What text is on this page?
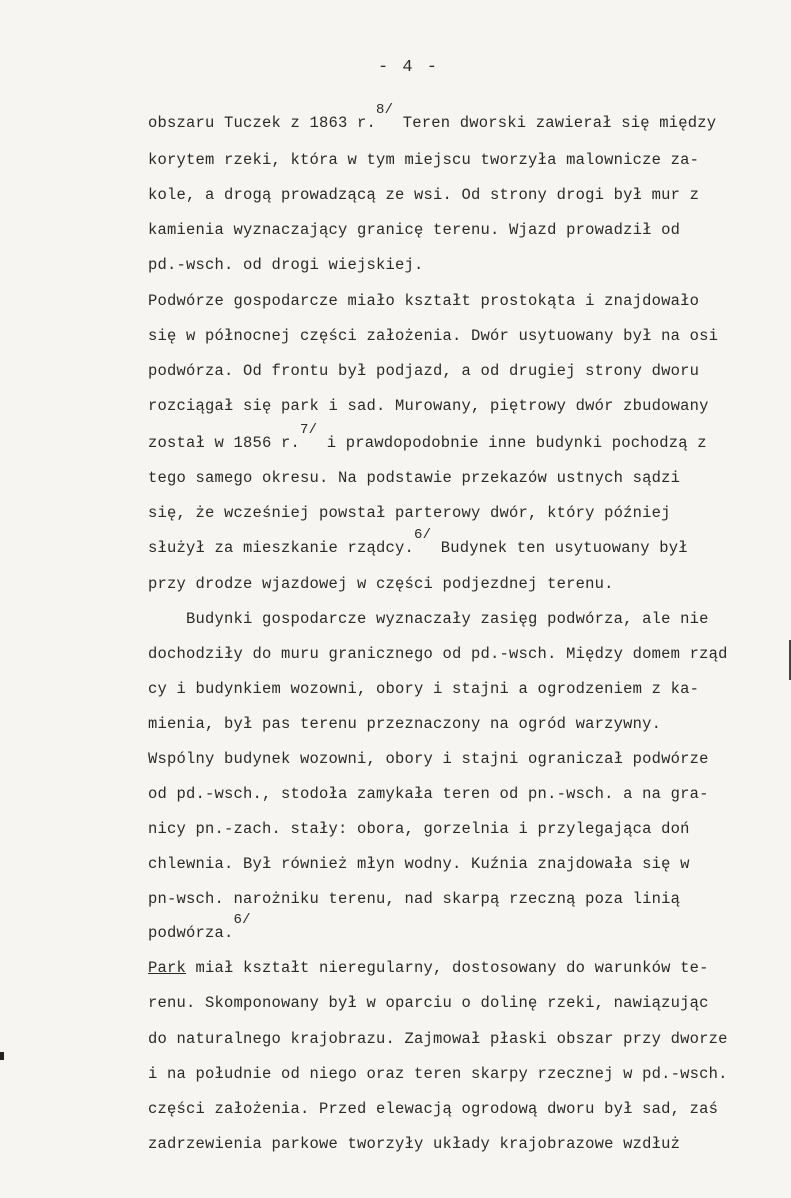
- 4 -
obszaru Tuczek z 1863 r.8/ Teren dworski zawierał się między
korytem rzeki, która w tym miejscu tworzyła malownicze za-
kole, a drogą prowadzącą ze wsi. Od strony drogi był mur z
kamienia wyznaczający granicę terenu. Wjazd prowadził od
pd.-wsch. od drogi wiejskiej.
Podwórze gospodarcze miało kształt prostokąta i znajdowało
się w północnej części założenia. Dwór usytuowany był na osi
podwórza. Od frontu był podjazd, a od drugiej strony dworu
rozciągał się park i sad. Murowany, piętrowy dwór zbudowany
został w 1856 r.7/ i prawdopodobnie inne budynki pochodzą z
tego samego okresu. Na podstawie przekazów ustnych sądzi
się, że wcześniej powstał parterowy dwór, który później
służył za mieszkanie rządcy.6/ Budynek ten usytuowany był
przy drodze wjazdowej w części podjezdnej terenu.
Budynki gospodarcze wyznaczały zasięg podwórza, ale nie
dochodziły do muru granicznego od pd.-wsch. Między domem rząd
cy i budynkiem wozowni, obory i stajni a ogrodzeniem z ka-
mienia, był pas terenu przeznaczony na ogród warzywny.
Wspólny budynek wozowni, obory i stajni ograniczał podwórze
od pd.-wsch., stodoła zamykała teren od pn.-wsch. a na gra-
nicy pn.-zach. stały: obora, gorzelnia i przylegająca doń
chlewnia. Był również młyn wodny. Kuźnia znajdowała się w
pn-wsch. narożniku terenu, nad skarpą rzeczną poza linią
podwórza.6/
Park miał kształt nieregularny, dostosowany do warunków te-
renu. Skomponowany był w oparciu o dolinę rzeki, nawiązując
do naturalnego krajobrazu. Zajmował płaski obszar przy dworze
i na południe od niego oraz teren skarpy rzecznej w pd.-wsch.
części założenia. Przed elewacją ogrodową dworu był sad, zaś
zadrzewienia parkowe tworzyły układy krajobrazowe wzdłuż
